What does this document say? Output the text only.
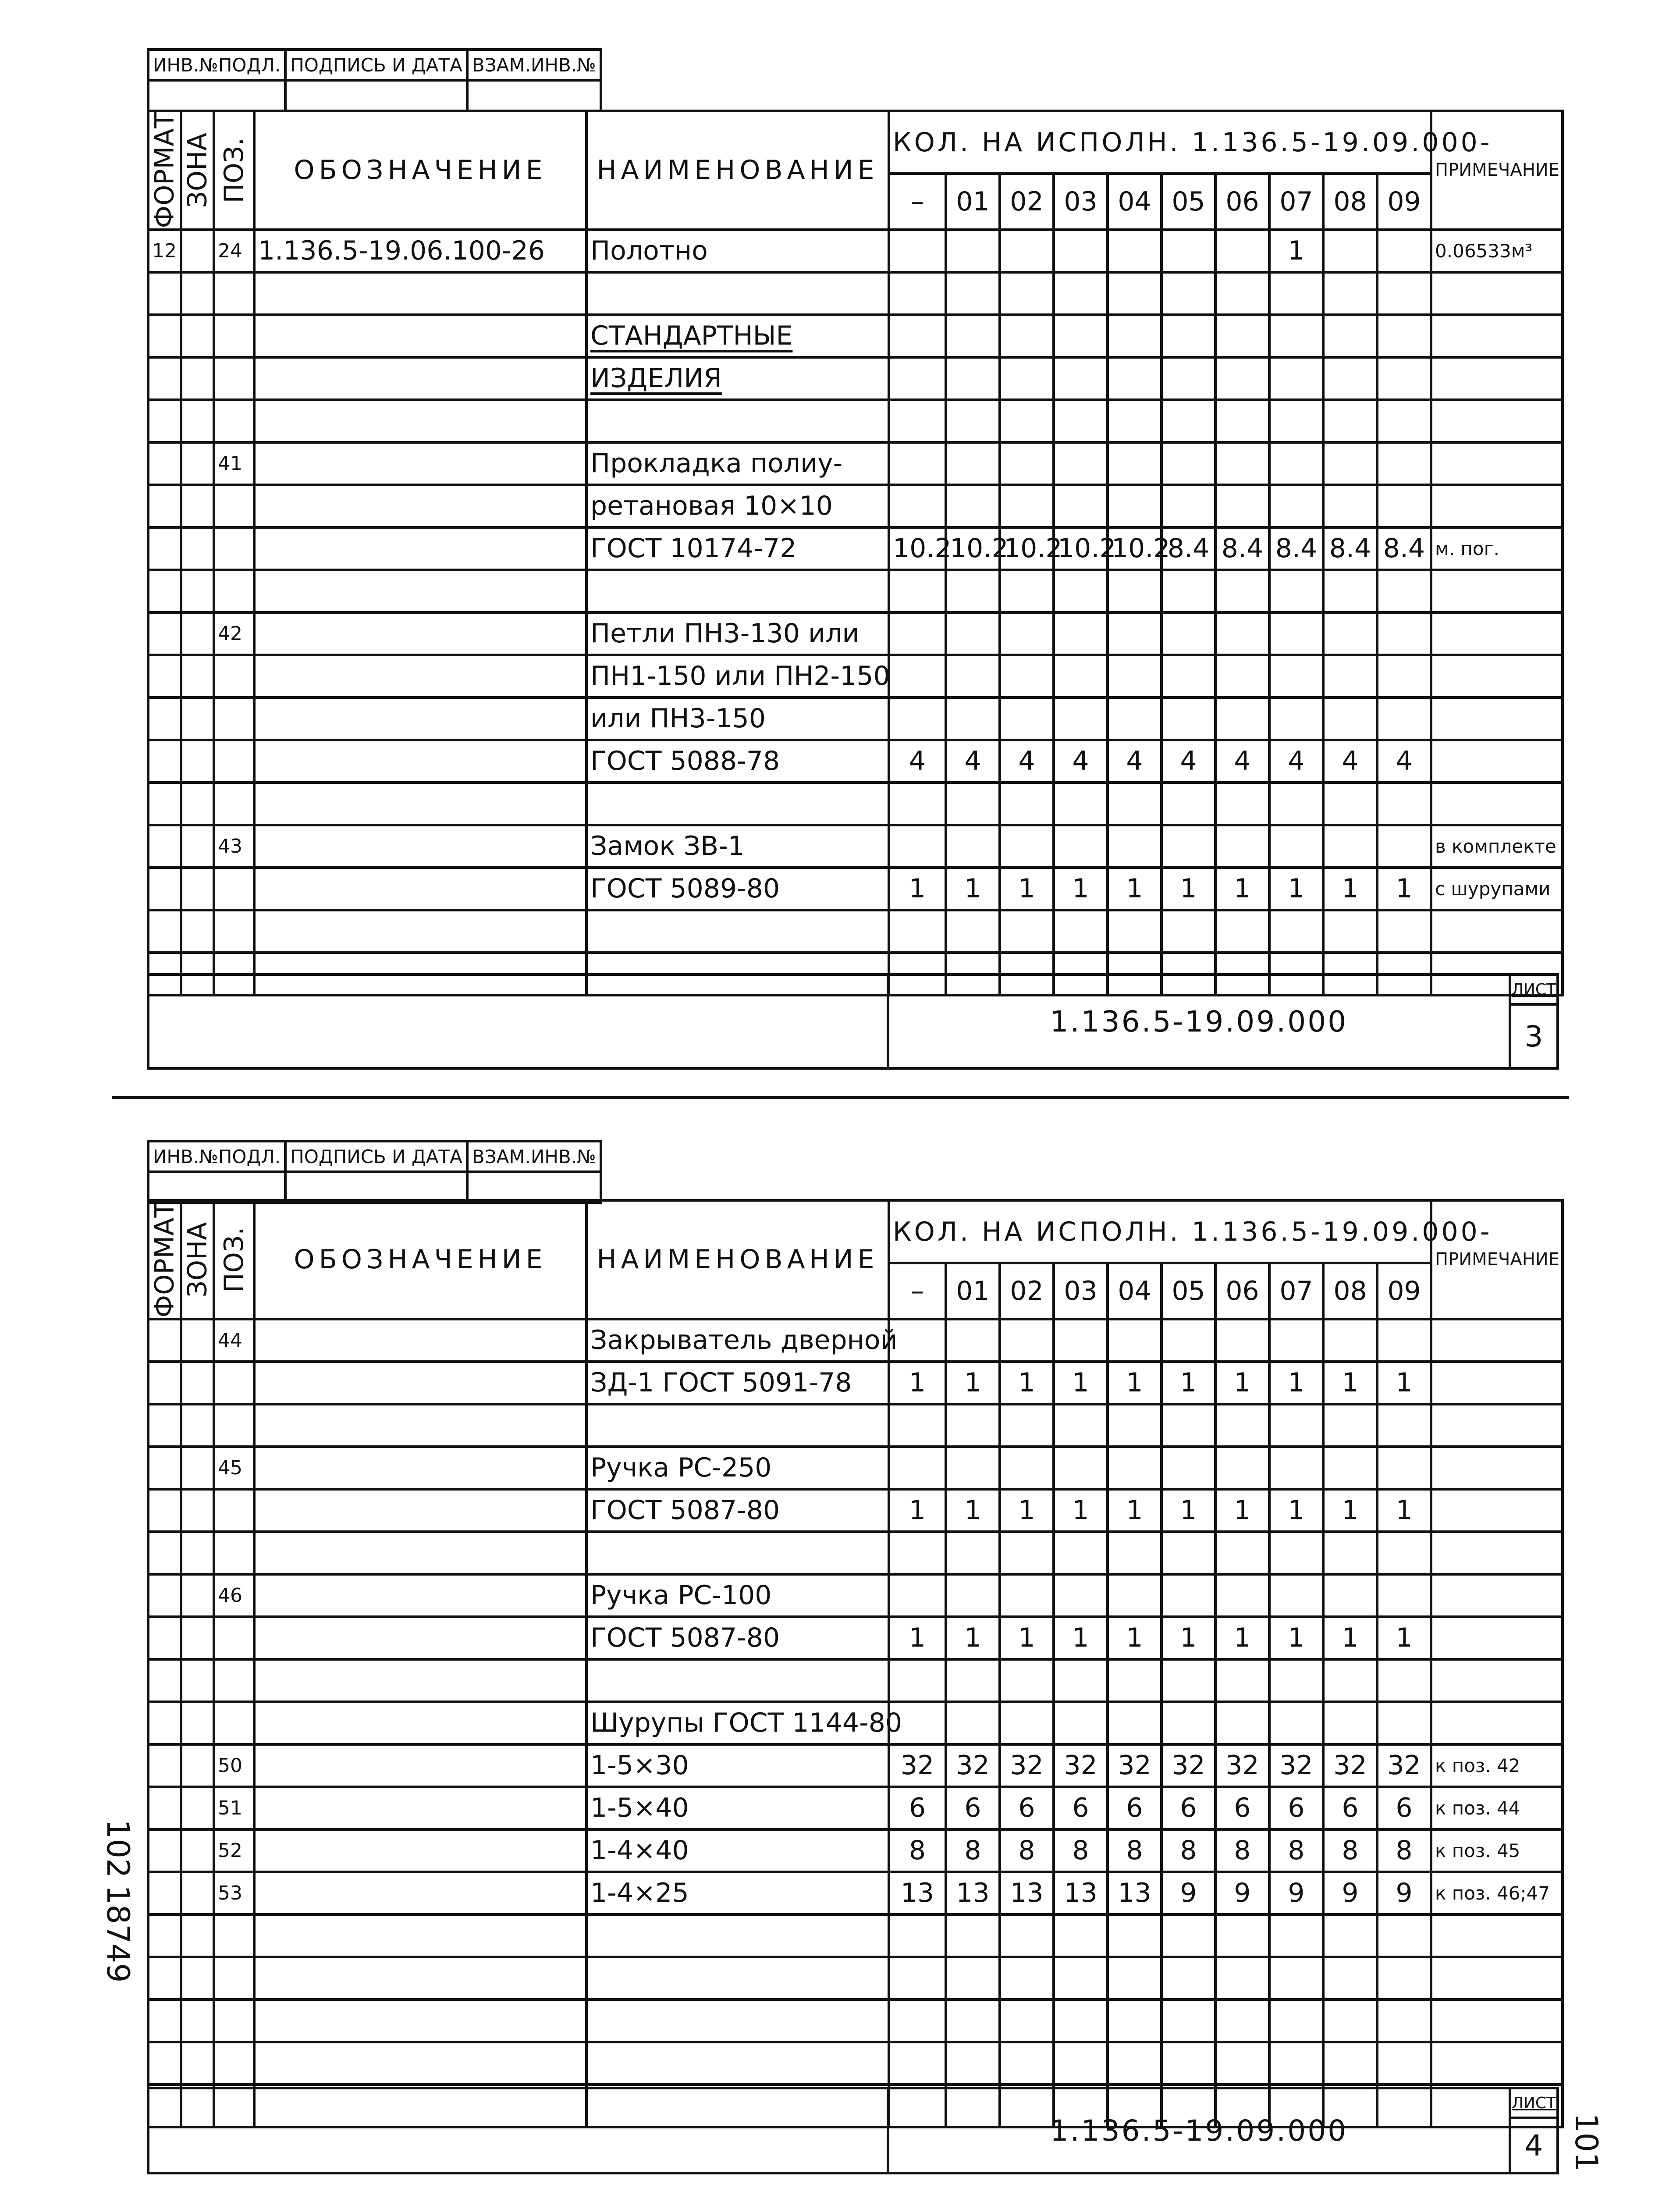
ИНВ.№ПОДЛ.	ПОДПИСЬ И ДАТА	ВЗАМ.ИНВ.№

ФОРМАТ	ЗОНА	ПОЗ.	ОБОЗНАЧЕНИЕ	НАИМЕНОВАНИЕ	КОЛ. НА ИСПОЛН. 1.136.5-19.09.000-										ПРИМЕЧАНИЕ
					–	01	02	03	04	05	06	07	08	09	
12		24	1.136.5-19.06.100-26	Полотно								1			0.06533м³

				СТАНДАРТНЫЕ											
				ИЗДЕЛИЯ											

		41		Прокладка полиу-											
				ретановая 10×10											
				ГОСТ 10174-72	10.2	10.2	10.2	10.2	10.2	8.4	8.4	8.4	8.4	8.4	м. пог.

		42		Петли ПН3-130 или											
				ПН1-150 или ПН2-150											
				или ПН3-150											
				ГОСТ 5088-78	4	4	4	4	4	4	4	4	4	4	

		43		Замок ЗВ-1											в комплекте
				ГОСТ 5089-80	1	1	1	1	1	1	1	1	1	1	с шурупами

	1.136.5-19.09.000	ЛИСТ
3
ИНВ.№ПОДЛ.	ПОДПИСЬ И ДАТА	ВЗАМ.ИНВ.№

ФОРМАТ	ЗОНА	ПОЗ.	ОБОЗНАЧЕНИЕ	НАИМЕНОВАНИЕ	КОЛ. НА ИСПОЛН. 1.136.5-19.09.000-										ПРИМЕЧАНИЕ
					–	01	02	03	04	05	06	07	08	09	
		44		Закрыватель дверной											
				ЗД-1 ГОСТ 5091-78	1	1	1	1	1	1	1	1	1	1	

		45		Ручка РС-250											
				ГОСТ 5087-80	1	1	1	1	1	1	1	1	1	1	

		46		Ручка РС-100											
				ГОСТ 5087-80	1	1	1	1	1	1	1	1	1	1	

				Шурупы ГОСТ 1144-80											
		50		1-5×30	32	32	32	32	32	32	32	32	32	32	к поз. 42
		51		1-5×40	6	6	6	6	6	6	6	6	6	6	к поз. 44
		52		1-4×40	8	8	8	8	8	8	8	8	8	8	к поз. 45
		53		1-4×25	13	13	13	13	13	9	9	9	9	9	к поз. 46;47

	1.136.5-19.09.000	ЛИСТ
4
102
18749
101
